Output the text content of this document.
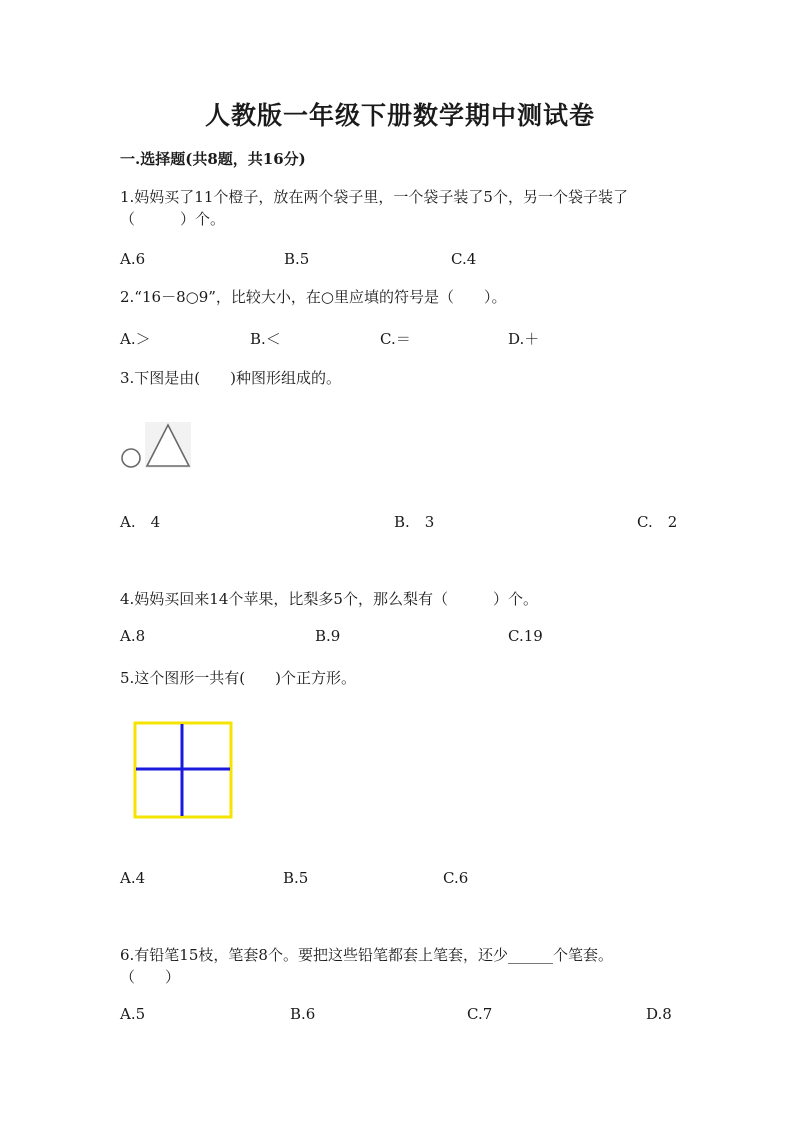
人教版一年级下册数学期中测试卷
一.选择题(共8题，共16分)
1.妈妈买了11个橙子，放在两个袋子里，一个袋子装了5个，另一个袋子装了
（　　　）个。
A.6	B.5	C.4
2.“16－8○9”，比较大小，在○里应填的符号是（　　）。
A.＞	B.＜	C.＝	D.＋
3.下图是由(　　)种图形组成的。
A.　4	B.　3	C.　2
4.妈妈买回来14个苹果，比梨多5个，那么梨有（　　　）个。
A.8	B.9	C.19
5.这个图形一共有(　　)个正方形。
A.4	B.5	C.6
6.有铅笔15枝，笔套8个。要把这些铅笔都套上笔套，还少______个笔套。
（　　）
A.5	B.6	C.7	D.8
